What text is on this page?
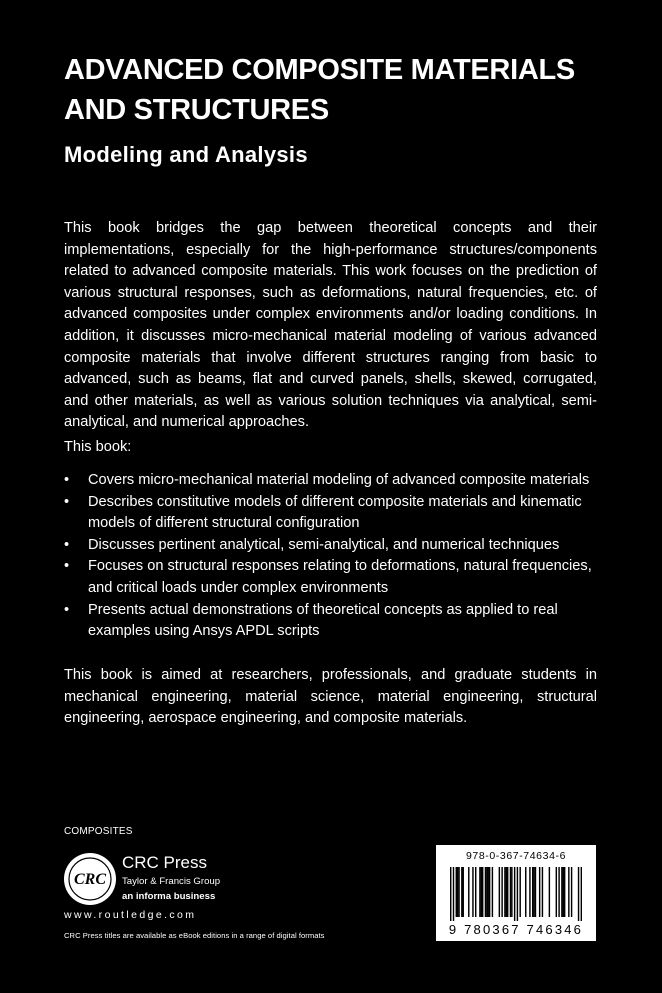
ADVANCED COMPOSITE MATERIALS AND STRUCTURES
Modeling and Analysis

This book bridges the gap between theoretical concepts and their implementations, especially for the high-performance structures/components related to advanced composite materials. This work focuses on the prediction of various structural responses, such as deformations, natural frequencies, etc. of advanced composites under complex environments and/or loading conditions. In addition, it discusses micro-mechanical material modeling of various advanced composite materials that involve different structures ranging from basic to advanced, such as beams, flat and curved panels, shells, skewed, corrugated, and other materials, as well as various solution techniques via analytical, semi-analytical, and numerical approaches.

This book:

• Covers micro-mechanical material modeling of advanced composite materials
• Describes constitutive models of different composite materials and kinematic models of different structural configuration
• Discusses pertinent analytical, semi-analytical, and numerical techniques
• Focuses on structural responses relating to deformations, natural frequencies, and critical loads under complex environments
• Presents actual demonstrations of theoretical concepts as applied to real examples using Ansys APDL scripts

This book is aimed at researchers, professionals, and graduate students in mechanical engineering, material science, material engineering, structural engineering, aerospace engineering, and composite materials.

COMPOSITES

CRC
CRC Press
Taylor & Francis Group
an informa business
www.routledge.com
CRC Press titles are available as eBook editions in a range of digital formats
978-0-367-74634-6
9 780367 746346
